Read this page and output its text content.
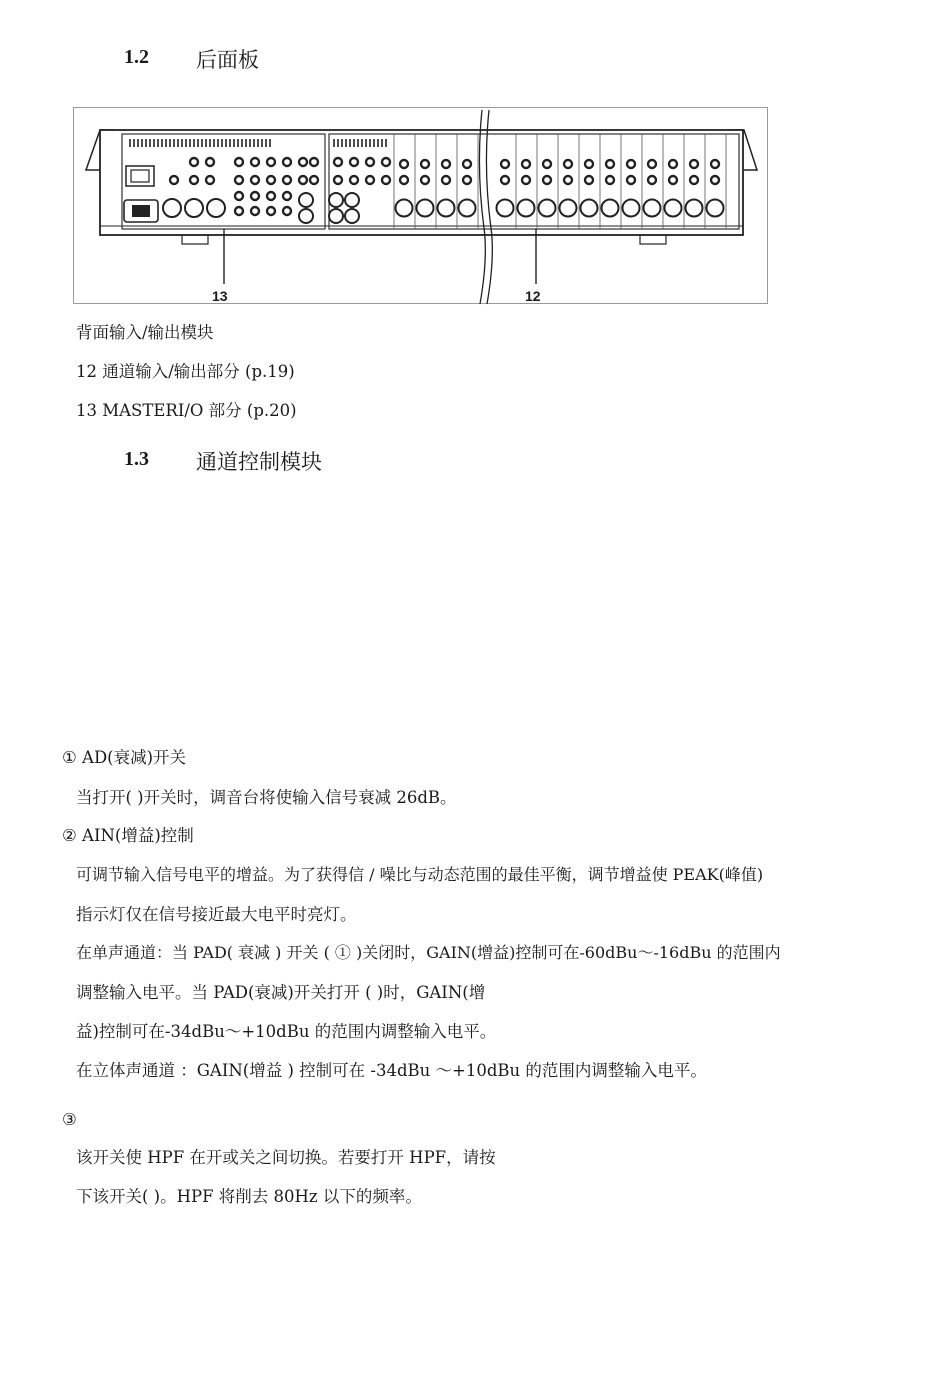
1.2 后面板
13	12
背面输入/输出模块
12 通道输入/输出部分 (p.19)
13 MASTERI/O 部分 (p.20)
1.3 通道控制模块
① AD(衰减)开关
当打开( )开关时，调音台将使输入信号衰减 26dB。
② AIN(增益)控制
可调节输入信号电平的增益。为了获得信 / 噪比与动态范围的最佳平衡，调节增益使 PEAK(峰值)
指示灯仅在信号接近最大电平时亮灯。
在单声通道：当 PAD( 衰减 ) 开关 ( ① )关闭时，GAIN(增益)控制可在-60dBu～-16dBu 的范围内
调整输入电平。当 PAD(衰减)开关打开 ( )时，GAIN(增
益)控制可在-34dBu～+10dBu 的范围内调整输入电平。
在立体声通道 ：GAIN(增益 ) 控制可在 -34dBu ～+10dBu 的范围内调整输入电平。
③
该开关使 HPF 在开或关之间切换。若要打开 HPF，请按
下该开关( )。HPF 将削去 80Hz 以下的频率。
